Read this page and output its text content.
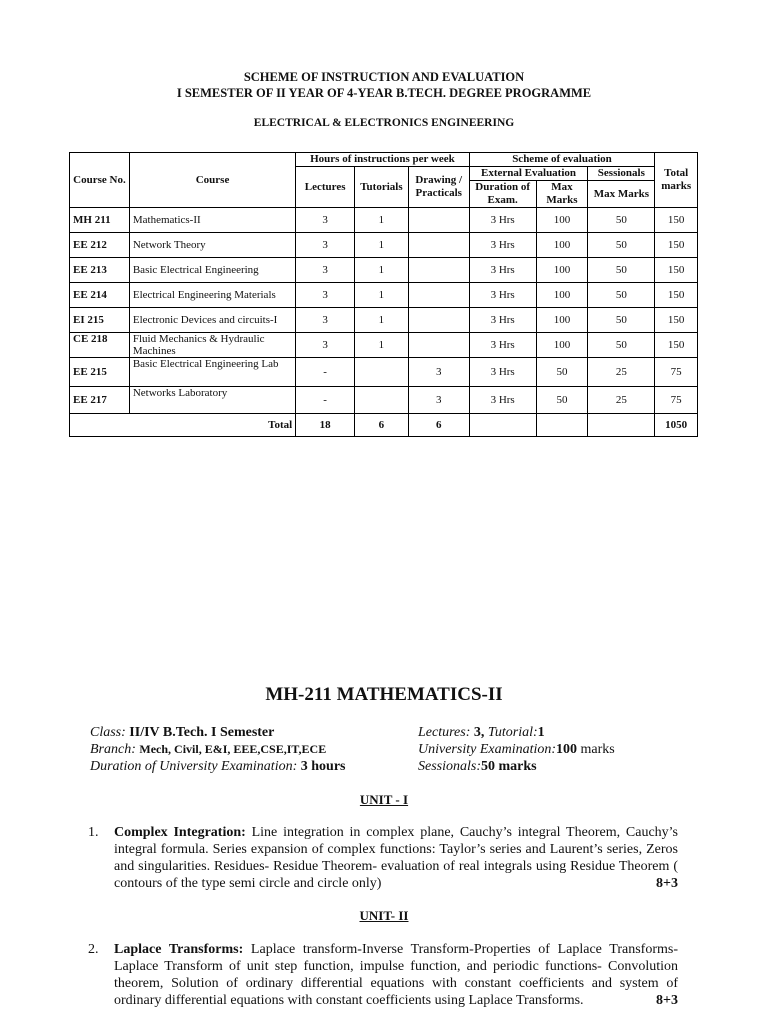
SCHEME OF INSTRUCTION AND EVALUATION
I SEMESTER OF II YEAR OF 4-YEAR B.TECH. DEGREE PROGRAMME
ELECTRICAL & ELECTRONICS ENGINEERING
Course No.	Course	Hours of instructions per week			Scheme of evaluation			Total marks
		Lectures	Tutorials	Drawing / Practicals	External Evaluation		Sessionals	
					Duration of Exam.	Max Marks	Max Marks	
MH 211	Mathematics-II	3	1		3 Hrs	100	50	150
EE 212	Network Theory	3	1		3 Hrs	100	50	150
EE 213	Basic Electrical Engineering	3	1		3 Hrs	100	50	150
EE 214	Electrical Engineering Materials	3	1		3 Hrs	100	50	150
EI 215	Electronic Devices and circuits-I	3	1		3 Hrs	100	50	150
CE 218	Fluid Mechanics & Hydraulic Machines	3	1		3 Hrs	100	50	150
EE 215	Basic Electrical Engineering Lab	-		3	3 Hrs	50	25	75
EE 217	Networks Laboratory	-		3	3 Hrs	50	25	75
Total		18	6	6				1050
MH-211 MATHEMATICS-II
Class: II/IV B.Tech. I Semester
Branch: Mech, Civil, E&I, EEE,CSE,IT,ECE
Duration of University Examination: 3 hours
Lectures: 3, Tutorial:1
University Examination:100 marks
Sessionals:50 marks
UNIT - I
1. Complex Integration: Line integration in complex plane, Cauchy’s integral Theorem, Cauchy’s integral formula. Series expansion of complex functions: Taylor’s series and Laurent’s series, Zeros and singularities. Residues- Residue Theorem- evaluation of real integrals using Residue Theorem ( contours of the type semi circle and circle only)	8+3
UNIT- II
2. Laplace Transforms: Laplace transform-Inverse Transform-Properties of Laplace Transforms- Laplace Transform of unit step function, impulse function, and periodic functions- Convolution theorem, Solution of ordinary differential equations with constant coefficients and system of ordinary differential equations with constant coefficients using Laplace Transforms.	8+3
